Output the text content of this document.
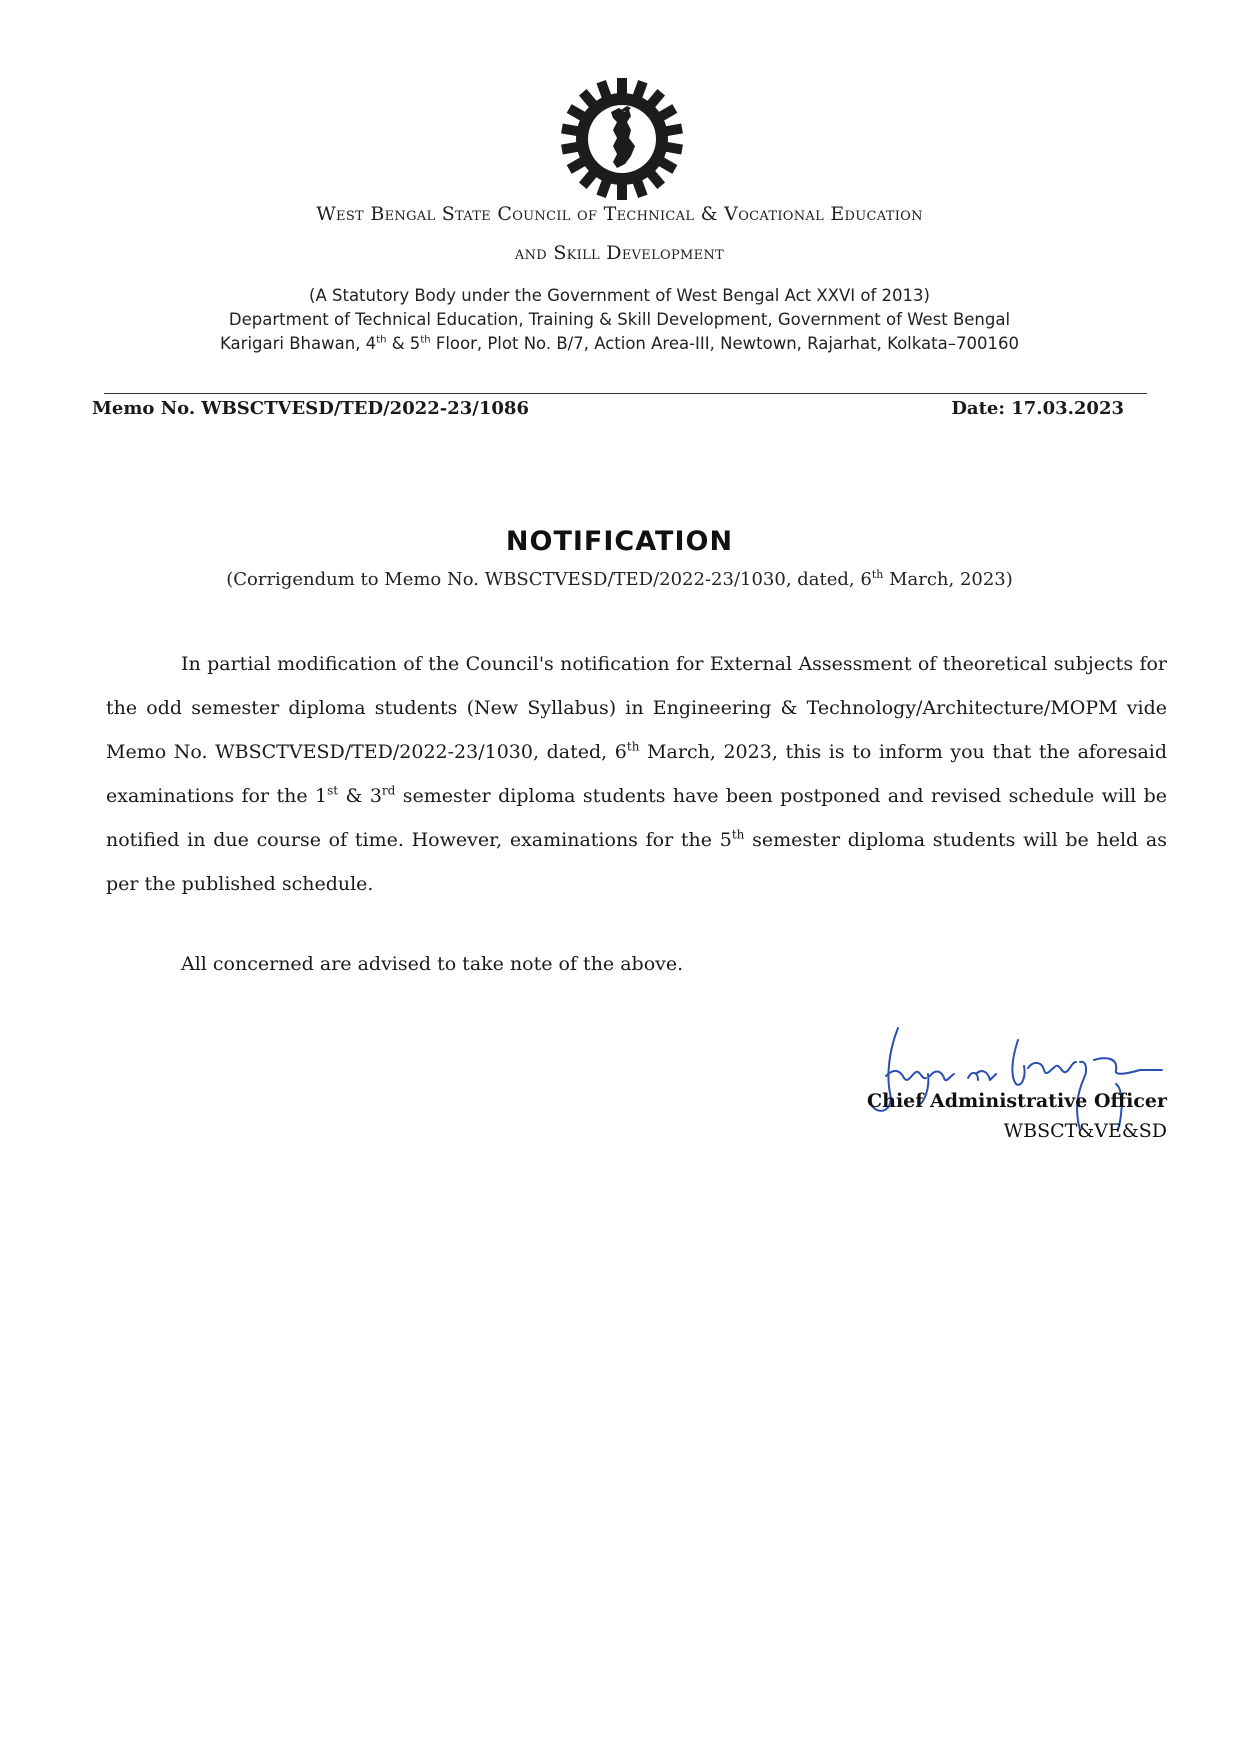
West Bengal State Council of Technical & Vocational Education
and Skill Development
(A Statutory Body under the Government of West Bengal Act XXVI of 2013)
Department of Technical Education, Training & Skill Development, Government of West Bengal
Karigari Bhawan, 4th & 5th Floor, Plot No. B/7, Action Area-III, Newtown, Rajarhat, Kolkata–700160
Memo No. WBSCTVESD/TED/2022-23/1086	Date: 17.03.2023
NOTIFICATION
(Corrigendum to Memo No. WBSCTVESD/TED/2022-23/1030, dated, 6th March, 2023)
In partial modification of the Council's notification for External Assessment of theoretical subjects for the odd semester diploma students (New Syllabus) in Engineering & Technology/Architecture/MOPM vide Memo No. WBSCTVESD/TED/2022-23/1030, dated, 6th March, 2023, this is to inform you that the aforesaid examinations for the 1st & 3rd semester diploma students have been postponed and revised schedule will be notified in due course of time. However, examinations for the 5th semester diploma students will be held as per the published schedule.
All concerned are advised to take note of the above.
Chief Administrative Officer
WBSCT&VE&SD
